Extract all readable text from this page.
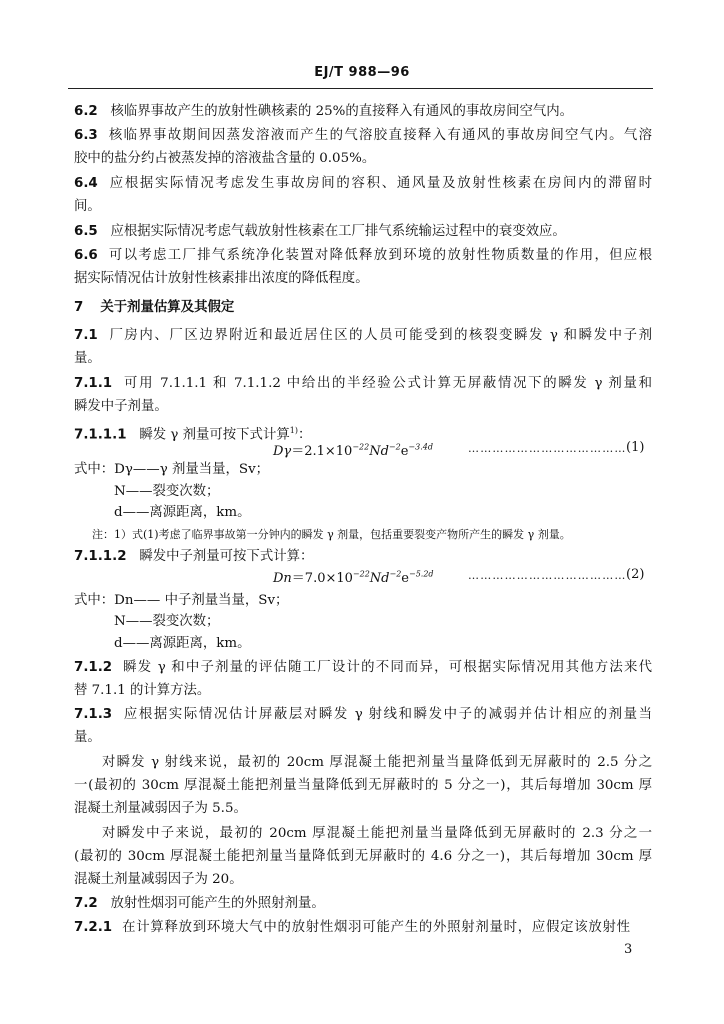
EJ/T 988—96
6.2 核临界事故产生的放射性碘核素的 25%的直接释入有通风的事故房间空气内。
6.3 核临界事故期间因蒸发溶液而产生的气溶胶直接释入有通风的事故房间空气内。气溶
胶中的盐分约占被蒸发掉的溶液盐含量的 0.05%。
6.4 应根据实际情况考虑发生事故房间的容积、通风量及放射性核素在房间内的滞留时
间。
6.5 应根据实际情况考虑气载放射性核素在工厂排气系统输运过程中的衰变效应。
6.6 可以考虑工厂排气系统净化装置对降低释放到环境的放射性物质数量的作用，但应根
据实际情况估计放射性核素排出浓度的降低程度。
7 关于剂量估算及其假定
7.1 厂房内、厂区边界附近和最近居住区的人员可能受到的核裂变瞬发 γ 和瞬发中子剂
量。
7.1.1 可用 7.1.1.1 和 7.1.1.2 中给出的半经验公式计算无屏蔽情况下的瞬发 γ 剂量和
瞬发中子剂量。
7.1.1.1 瞬发 γ 剂量可按下式计算$^{1)}$：
$D\gamma=2.1\times 10^{-22}Nd^{-2}e^{-3.4d}$	………………………………… (1)
式中：Dγ——γ 剂量当量，Sv；
N——裂变次数；
d——离源距离，km。
注：1）式(1)考虑了临界事故第一分钟内的瞬发 γ 剂量，包括重要裂变产物所产生的瞬发 γ 剂量。
7.1.1.2 瞬发中子剂量可按下式计算：
$Dn=7.0\times 10^{-22}Nd^{-2}e^{-5.2d}$	………………………………… (2)
式中：Dn—— 中子剂量当量，Sv；
N——裂变次数；
d——离源距离，km。
7.1.2 瞬发 γ 和中子剂量的评估随工厂设计的不同而异，可根据实际情况用其他方法来代
替 7.1.1 的计算方法。
7.1.3 应根据实际情况估计屏蔽层对瞬发 γ 射线和瞬发中子的减弱并估计相应的剂量当
量。
对瞬发 γ 射线来说，最初的 20cm 厚混凝土能把剂量当量降低到无屏蔽时的 2.5 分之
一(最初的 30cm 厚混凝土能把剂量当量降低到无屏蔽时的 5 分之一)，其后每增加 30cm 厚
混凝土剂量减弱因子为 5.5。
对瞬发中子来说，最初的 20cm 厚混凝土能把剂量当量降低到无屏蔽时的 2.3 分之一
(最初的 30cm 厚混凝土能把剂量当量降低到无屏蔽时的 4.6 分之一)，其后每增加 30cm 厚
混凝土剂量减弱因子为 20。
7.2 放射性烟羽可能产生的外照射剂量。
7.2.1 在计算释放到环境大气中的放射性烟羽可能产生的外照射剂量时，应假定该放射性
3
